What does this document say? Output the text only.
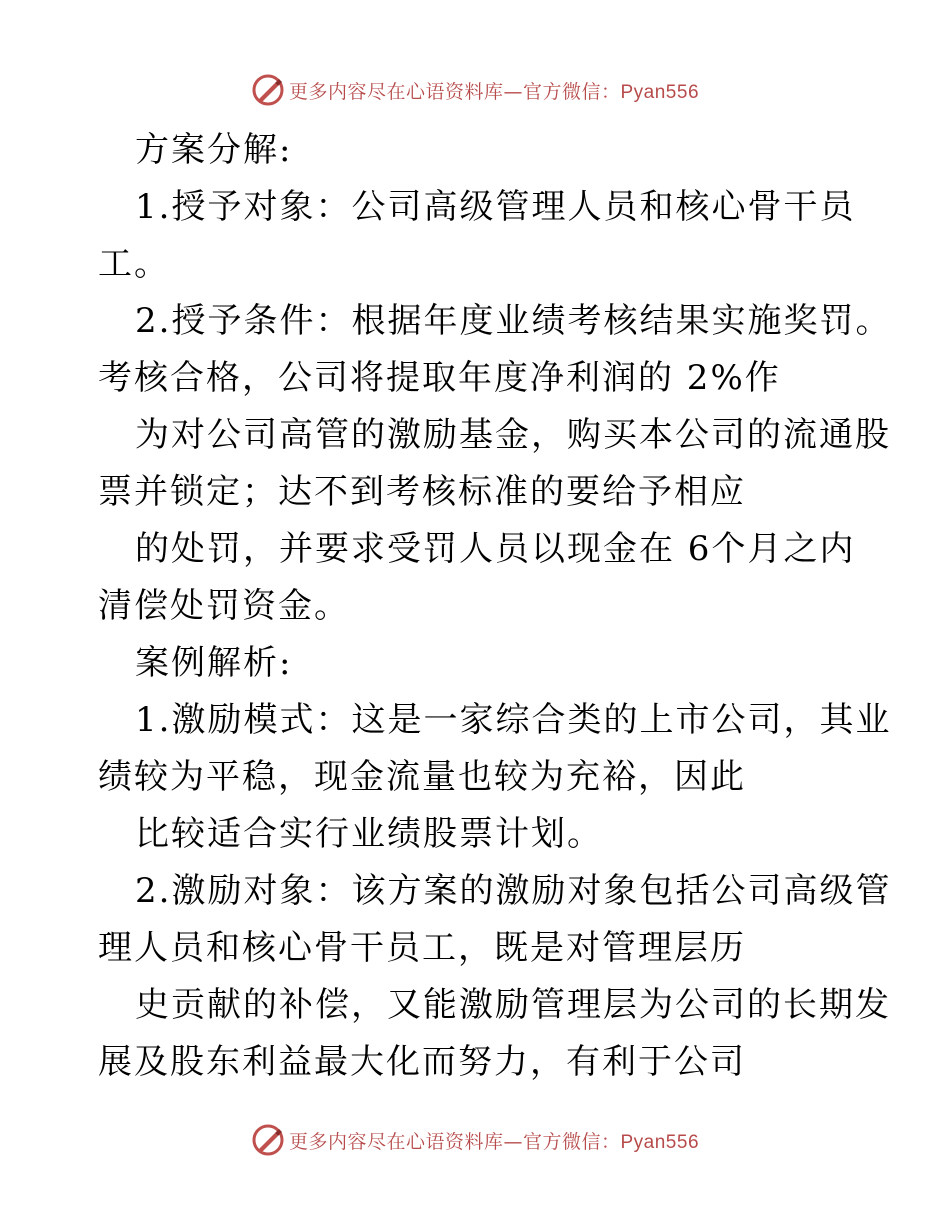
更多内容尽在心语资料库—官方微信：Pyan556
方案分解:
1.授予对象：公司高级管理人员和核心骨干员
工。
2.授予条件：根据年度业绩考核结果实施奖罚。
考核合格，公司将提取年度净利润的 2%作
为对公司高管的激励基金，购买本公司的流通股
票并锁定；达不到考核标准的要给予相应
的处罚，并要求受罚人员以现金在 6个月之内
清偿处罚资金。
案例解析:
1.激励模式：这是一家综合类的上市公司，其业
绩较为平稳，现金流量也较为充裕，因此
比较适合实行业绩股票计划。
2.激励对象：该方案的激励对象包括公司高级管
理人员和核心骨干员工，既是对管理层历
史贡献的补偿，又能激励管理层为公司的长期发
展及股东利益最大化而努力，有利于公司
更多内容尽在心语资料库—官方微信：Pyan556
